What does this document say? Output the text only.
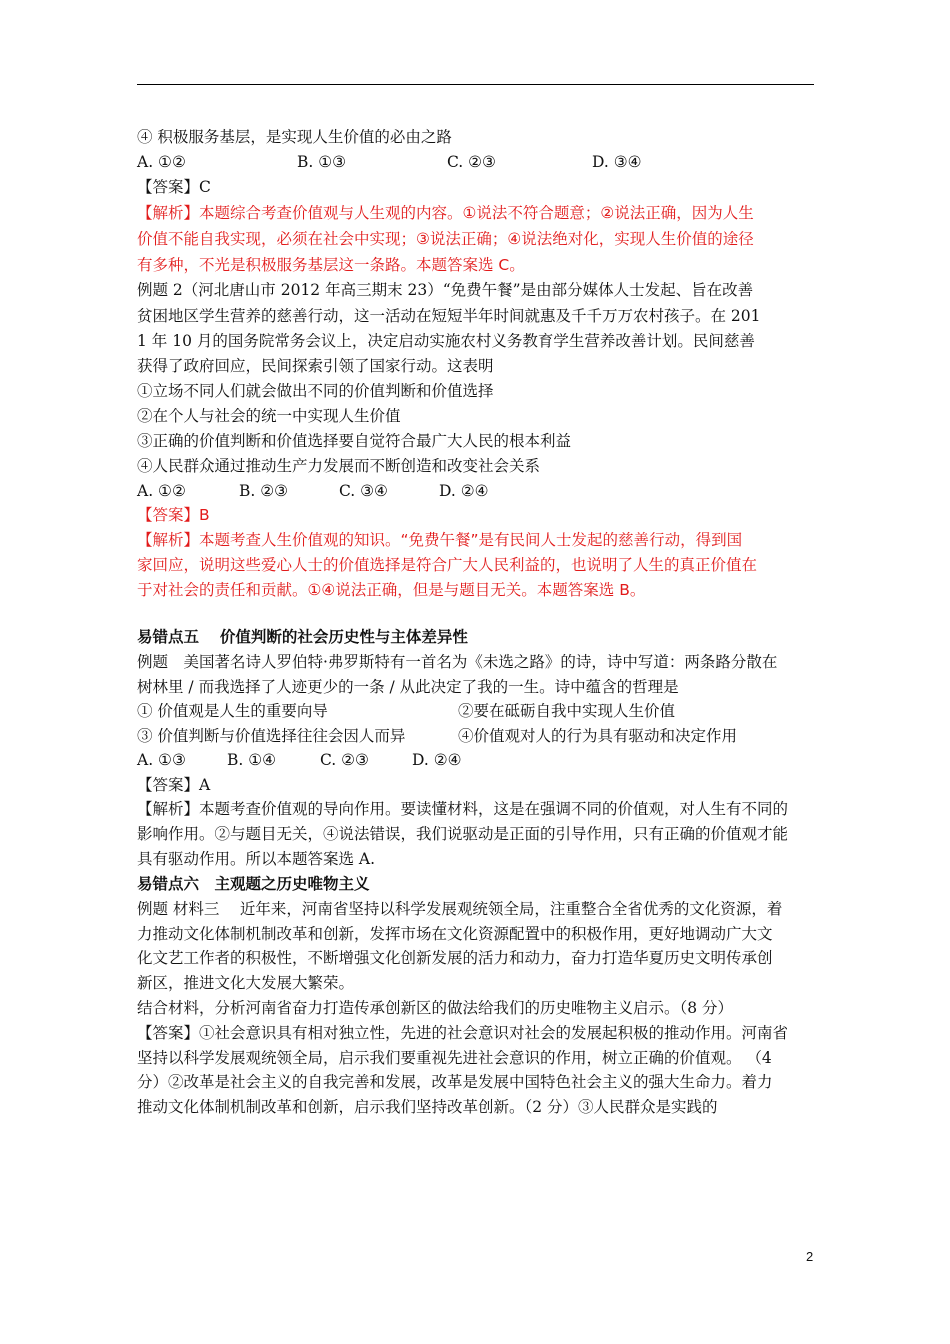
④ 积极服务基层，是实现人生价值的必由之路
A. ①②	B. ①③	C. ②③	D. ③④
【答案】C
【解析】本题综合考查价值观与人生观的内容。①说法不符合题意；②说法正确，因为人生
价值不能自我实现，必须在社会中实现；③说法正确；④说法绝对化，实现人生价值的途径
有多种，不光是积极服务基层这一条路。本题答案选 C。
例题 2（河北唐山市 2012 年高三期末 23）“免费午餐”是由部分媒体人士发起、旨在改善
贫困地区学生营养的慈善行动，这一活动在短短半年时间就惠及千千万万农村孩子。在 201
1 年 10 月的国务院常务会议上，决定启动实施农村义务教育学生营养改善计划。民间慈善
获得了政府回应，民间探索引领了国家行动。这表明
①立场不同人们就会做出不同的价值判断和价值选择
②在个人与社会的统一中实现人生价值
③正确的价值判断和价值选择要自觉符合最广大人民的根本利益
④人民群众通过推动生产力发展而不断创造和改变社会关系
A. ①②	B. ②③	C. ③④	D. ②④
【答案】B
【解析】本题考查人生价值观的知识。“免费午餐”是有民间人士发起的慈善行动，得到国
家回应，说明这些爱心人士的价值选择是符合广大人民利益的，也说明了人生的真正价值在
于对社会的责任和贡献。①④说法正确，但是与题目无关。本题答案选 B。
易错点五　 价值判断的社会历史性与主体差异性
例题　美国著名诗人罗伯特·弗罗斯特有一首名为《未选之路》的诗，诗中写道：两条路分散在
树林里 / 而我选择了人迹更少的一条 / 从此决定了我的一生。诗中蕴含的哲理是
① 价值观是人生的重要向导	②要在砥砺自我中实现人生价值
③ 价值判断与价值选择往往会因人而异	④价值观对人的行为具有驱动和决定作用
A. ①③	B. ①④	C. ②③	D. ②④
【答案】A
【解析】本题考查价值观的导向作用。要读懂材料，这是在强调不同的价值观，对人生有不同的
影响作用。②与题目无关，④说法错误，我们说驱动是正面的引导作用，只有正确的价值观才能
具有驱动作用。所以本题答案选 A.
易错点六　主观题之历史唯物主义
例题 材料三　 近年来，河南省坚持以科学发展观统领全局，注重整合全省优秀的文化资源，着
力推动文化体制机制改革和创新，发挥市场在文化资源配置中的积极作用，更好地调动广大文
化文艺工作者的积极性，不断增强文化创新发展的活力和动力，奋力打造华夏历史文明传承创
新区，推进文化大发展大繁荣。
结合材料，分析河南省奋力打造传承创新区的做法给我们的历史唯物主义启示。（8 分）
【答案】①社会意识具有相对独立性，先进的社会意识对社会的发展起积极的推动作用。河南省
坚持以科学发展观统领全局，启示我们要重视先进社会意识的作用，树立正确的价值观。 （4
分）②改革是社会主义的自我完善和发展，改革是发展中国特色社会主义的强大生命力。着力
推动文化体制机制改革和创新，启示我们坚持改革创新。（2 分）③人民群众是实践的
2
